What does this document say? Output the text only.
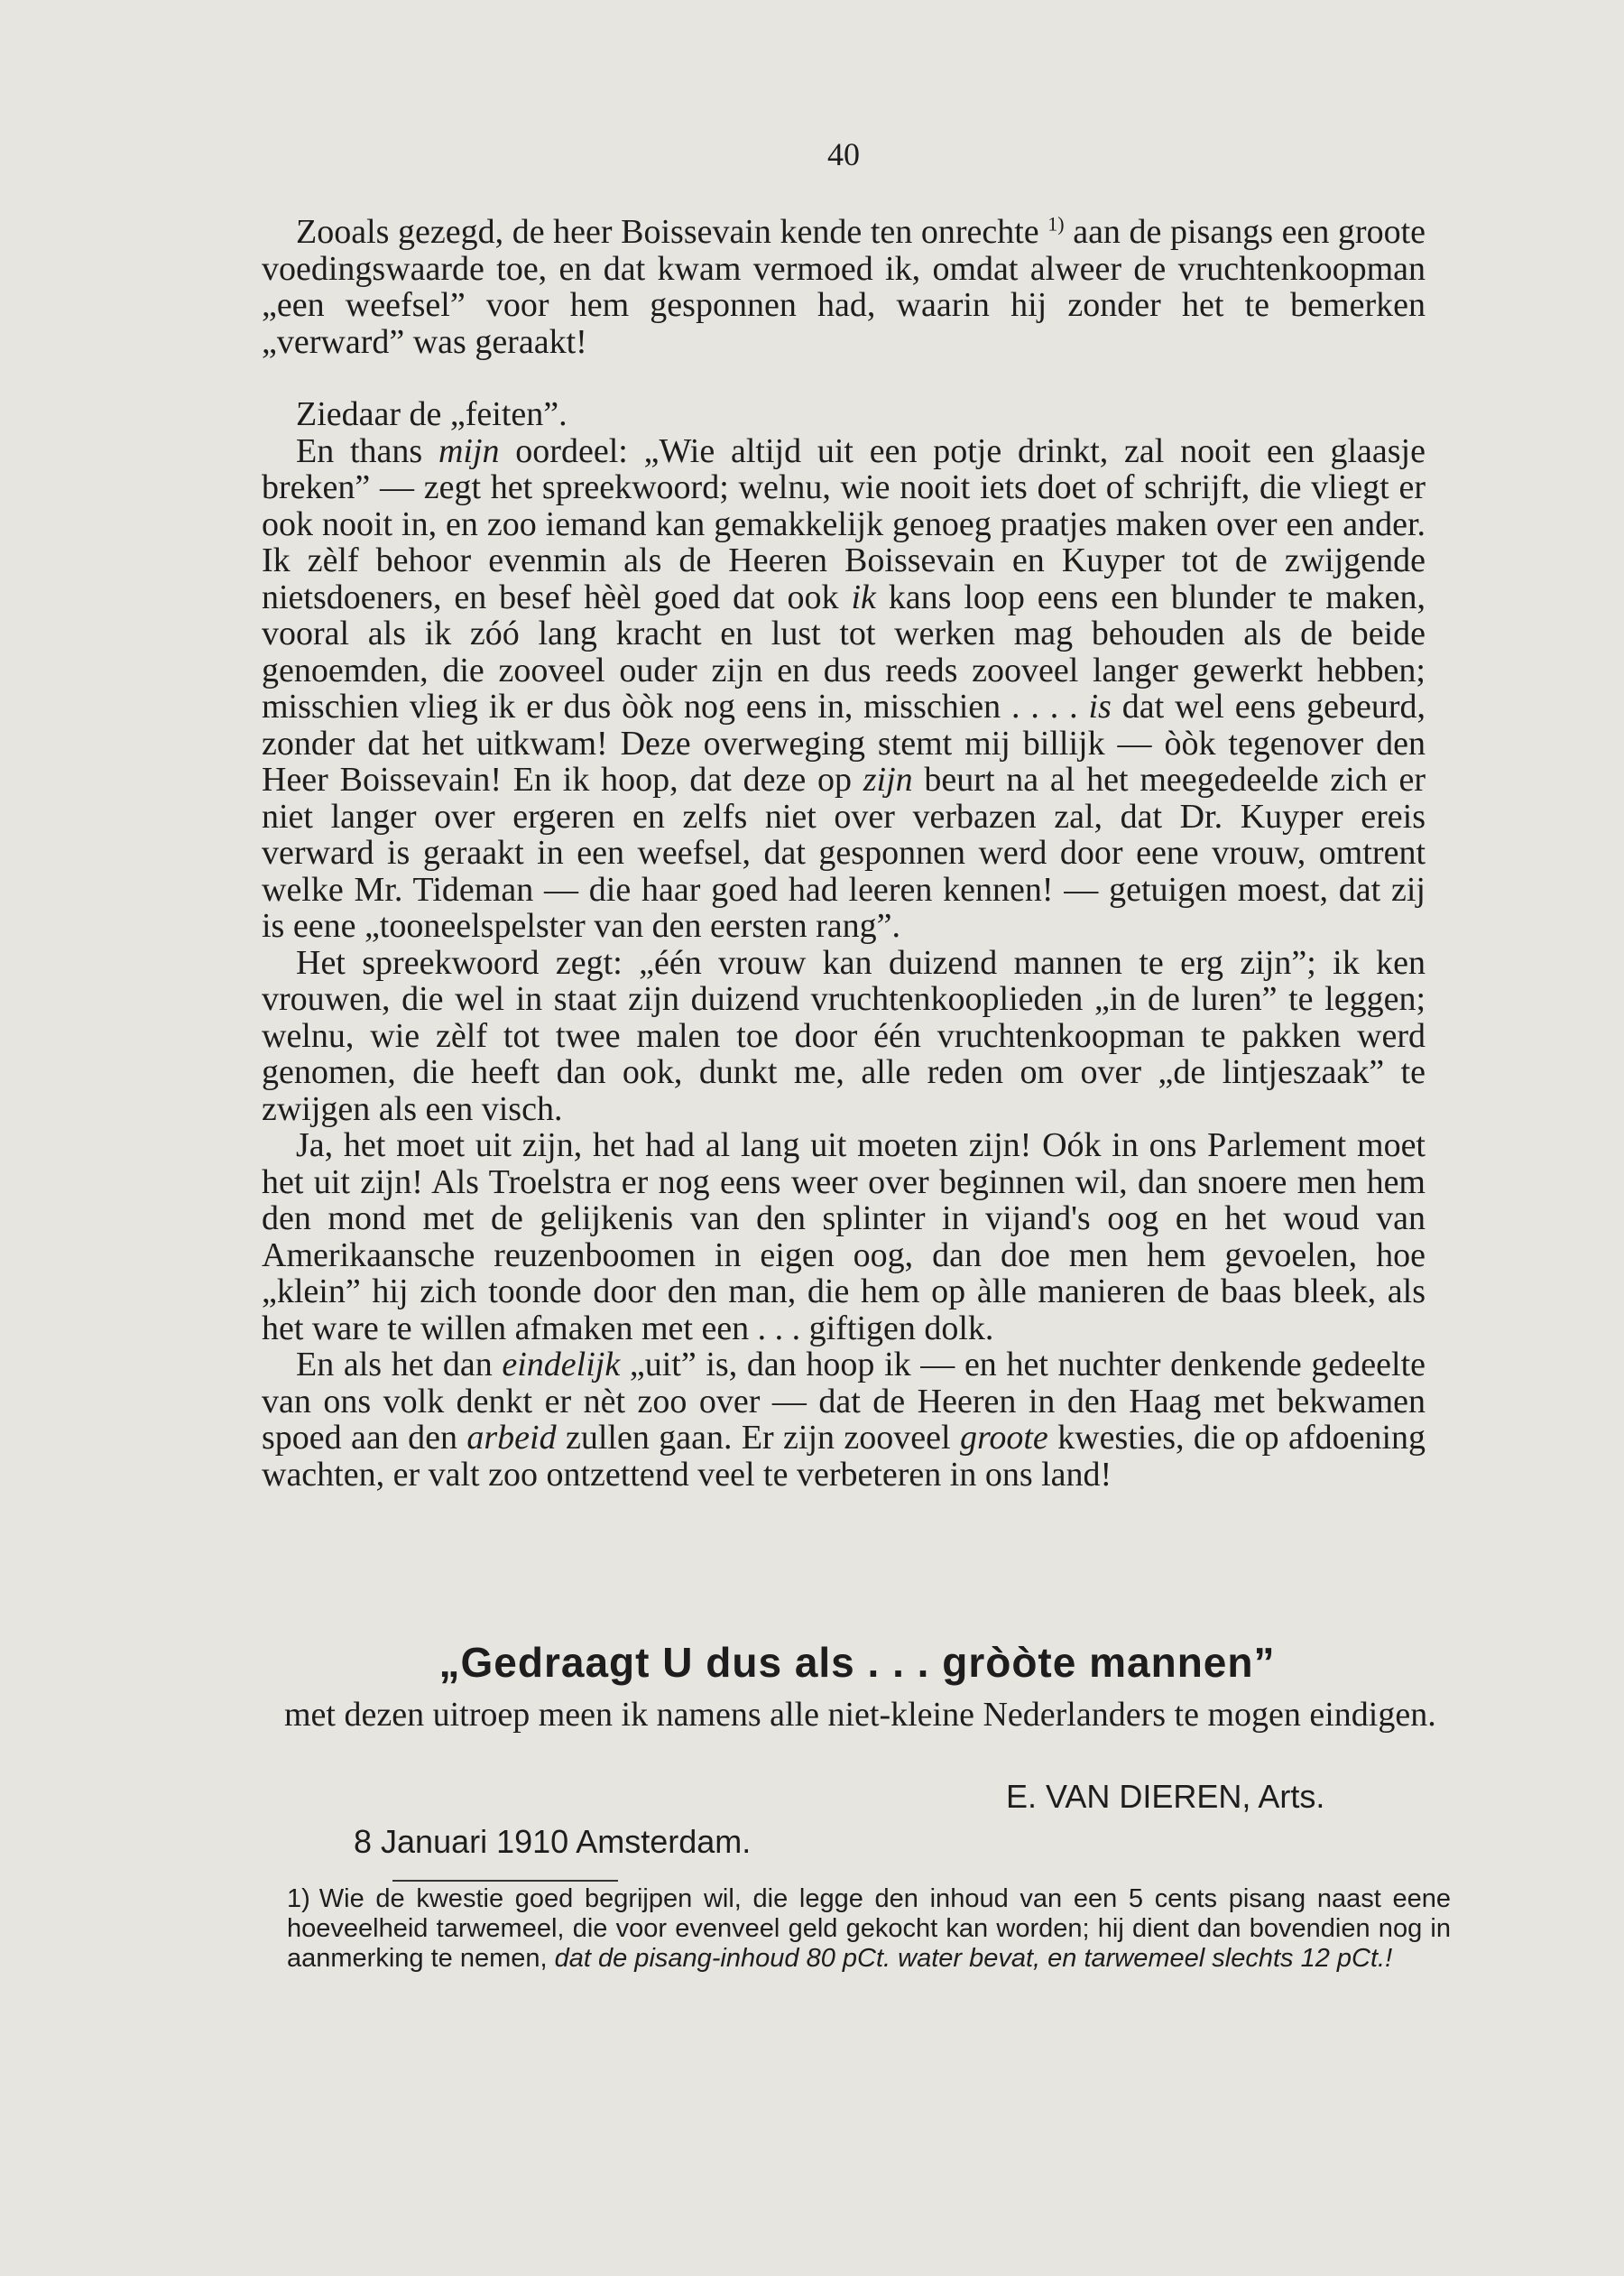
40

Zooals gezegd, de heer Boissevain kende ten onrechte $^{1)}$ aan de pisangs een groote voedingswaarde toe, en dat kwam vermoed ik, omdat alweer de vruchtenkoopman „een weefsel” voor hem gesponnen had, waarin hij zonder het te bemerken „verward” was geraakt!

Ziedaar de „feiten”.

En thans mijn oordeel: „Wie altijd uit een potje drinkt, zal nooit een glaasje breken” — zegt het spreekwoord; welnu, wie nooit iets doet of schrijft, die vliegt er ook nooit in, en zoo iemand kan gemakkelijk genoeg praatjes maken over een ander. Ik zèlf behoor evenmin als de Heeren Boissevain en Kuyper tot de zwijgende nietsdoeners, en besef hèèl goed dat ook ik kans loop eens een blunder te maken, vooral als ik zóó lang kracht en lust tot werken mag behouden als de beide genoemden, die zooveel ouder zijn en dus reeds zooveel langer gewerkt hebben; misschien vlieg ik er dus òòk nog eens in, misschien . . . . is dat wel eens gebeurd, zonder dat het uitkwam! Deze overweging stemt mij billijk — òòk tegenover den Heer Boissevain! En ik hoop, dat deze op zijn beurt na al het meegedeelde zich er niet langer over ergeren en zelfs niet over verbazen zal, dat Dr. Kuyper ereis verward is geraakt in een weefsel, dat gesponnen werd door eene vrouw, omtrent welke Mr. Tideman — die haar goed had leeren kennen! — getuigen moest, dat zij is eene „tooneelspelster van den eersten rang”.

Het spreekwoord zegt: „één vrouw kan duizend mannen te erg zijn”; ik ken vrouwen, die wel in staat zijn duizend vruchtenkooplieden „in de luren” te leggen; welnu, wie zèlf tot twee malen toe door één vruchtenkoopman te pakken werd genomen, die heeft dan ook, dunkt me, alle reden om over „de lintjeszaak” te zwijgen als een visch.

Ja, het moet uit zijn, het had al lang uit moeten zijn! Oók in ons Parlement moet het uit zijn! Als Troelstra er nog eens weer over beginnen wil, dan snoere men hem den mond met de gelijkenis van den splinter in vijand's oog en het woud van Amerikaansche reuzenboomen in eigen oog, dan doe men hem gevoelen, hoe „klein” hij zich toonde door den man, die hem op àlle manieren de baas bleek, als het ware te willen afmaken met een . . . giftigen dolk.

En als het dan eindelijk „uit” is, dan hoop ik — en het nuchter denkende gedeelte van ons volk denkt er nèt zoo over — dat de Heeren in den Haag met bekwamen spoed aan den arbeid zullen gaan. Er zijn zooveel groote kwesties, die op afdoening wachten, er valt zoo ontzettend veel te verbeteren in ons land!

„Gedraagt U dus als . . . gròòte mannen”
met dezen uitroep meen ik namens alle niet-kleine Nederlanders te mogen eindigen.
E. VAN DIEREN, Arts.
8 Januari 1910 Amsterdam.
1) Wie de kwestie goed begrijpen wil, die legge den inhoud van een 5 cents pisang naast eene hoeveelheid tarwemeel, die voor evenveel geld gekocht kan worden; hij dient dan bovendien nog in aanmerking te nemen, dat de pisang-inhoud 80 pCt. water bevat, en tarwemeel slechts 12 pCt.!
